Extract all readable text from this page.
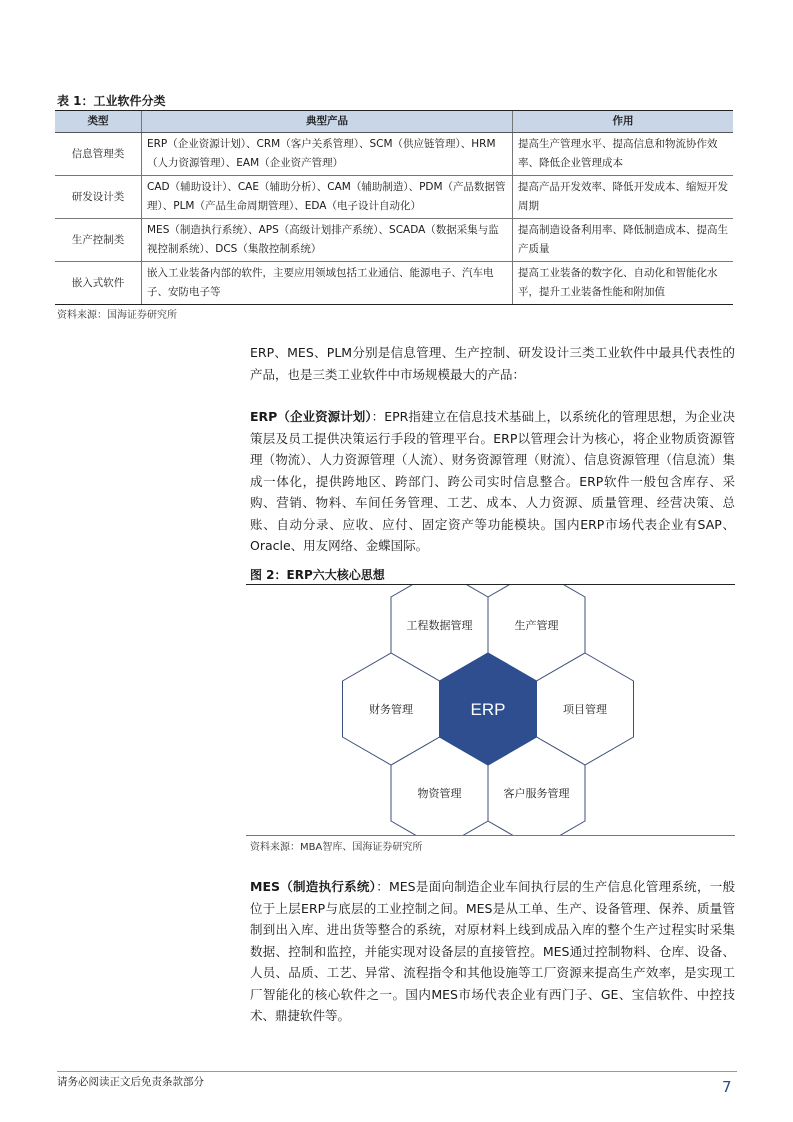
表 1：工业软件分类
类型	典型产品	作用
信息管理类	ERP（企业资源计划）、CRM（客户关系管理）、SCM（供应链管理）、HRM（人力资源管理）、EAM（企业资产管理）	提高生产管理水平、提高信息和物流协作效率、降低企业管理成本
研发设计类	CAD（辅助设计）、CAE（辅助分析）、CAM（辅助制造）、PDM（产品数据管理）、PLM（产品生命周期管理）、EDA（电子设计自动化）	提高产品开发效率、降低开发成本、缩短开发周期
生产控制类	MES（制造执行系统）、APS（高级计划排产系统）、SCADA（数据采集与监视控制系统）、DCS（集散控制系统）	提高制造设备利用率、降低制造成本、提高生产质量
嵌入式软件	嵌入工业装备内部的软件，主要应用领域包括工业通信、能源电子、汽车电子、安防电子等	提高工业装备的数字化、自动化和智能化水平，提升工业装备性能和附加值
资料来源：国海证券研究所
ERP、MES、PLM分别是信息管理、生产控制、研发设计三类工业软件中最具代表性的产品，也是三类工业软件中市场规模最大的产品：
ERP（企业资源计划）：EPR指建立在信息技术基础上，以系统化的管理思想，为企业决策层及员工提供决策运行手段的管理平台。ERP以管理会计为核心，将企业物质资源管理（物流）、人力资源管理（人流）、财务资源管理（财流）、信息资源管理（信息流）集成一体化，提供跨地区、跨部门、跨公司实时信息整合。ERP软件一般包含库存、采购、营销、物料、车间任务管理、工艺、成本、人力资源、质量管理、经营决策、总账、自动分录、应收、应付、固定资产等功能模块。国内ERP市场代表企业有SAP、Oracle、用友网络、金蝶国际。
图 2：ERP六大核心思想
工程数据管理	生产管理
项目管理
客户服务管理
物资管理
财务管理	ERP
资料来源：MBA智库、国海证券研究所
MES（制造执行系统）：MES是面向制造企业车间执行层的生产信息化管理系统，一般位于上层ERP与底层的工业控制之间。MES是从工单、生产、设备管理、保养、质量管制到出入库、进出货等整合的系统，对原材料上线到成品入库的整个生产过程实时采集数据、控制和监控，并能实现对设备层的直接管控。MES通过控制物料、仓库、设备、人员、品质、工艺、异常、流程指令和其他设施等工厂资源来提高生产效率，是实现工厂智能化的核心软件之一。国内MES市场代表企业有西门子、GE、宝信软件、中控技术、鼎捷软件等。
请务必阅读正文后免责条款部分	7
